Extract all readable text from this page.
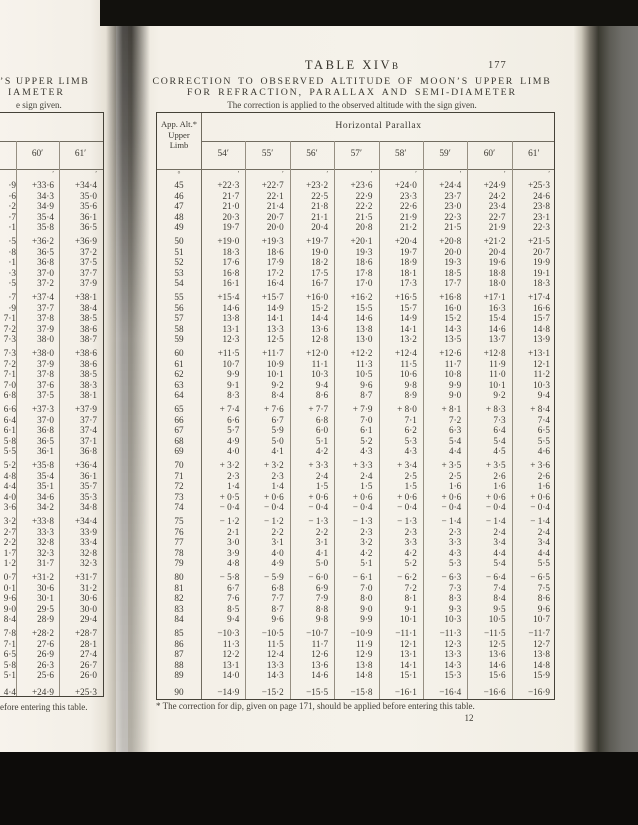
’S UPPER LIMB
IAMETER
e sign given.
60′	61′
′	′
·9	+33·6	+34·4
·6	34·3	35·0
·2	34·9	35·6
·7	35·4	36·1
·1	35·8	36·5
·5	+36·2	+36·9
·8	36·5	37·2
·1	36·8	37·5
·3	37·0	37·7
·5	37·2	37·9
·7	+37·4	+38·1
·9	37·7	38·4
7·1	37·8	38·5
7·2	37·9	38·6
7·3	38·0	38·7
7·3	+38·0	+38·6
7·2	37·9	38·6
7·1	37·8	38·5
7·0	37·6	38·3
6·8	37·5	38·1
6·6	+37·3	+37·9
6·4	37·0	37·7
6·1	36·8	37·4
5·8	36·5	37·1
5·5	36·1	36·8
5·2	+35·8	+36·4
4·8	35·4	36·1
4·4	35·1	35·7
4·0	34·6	35·3
3·6	34·2	34·8
3·2	+33·8	+34·4
2·7	33·3	33·9
2·2	32·8	33·4
1·7	32·3	32·8
1·2	31·7	32·3
0·7	+31·2	+31·7
0·1	30·6	31·2
9·6	30·1	30·6
9·0	29·5	30·0
8·4	28·9	29·4
7·8	+28·2	+28·7
7·1	27·6	28·1
6·5	26·9	27·4
5·8	26·3	26·7
5·1	25·6	26·0
4·4	+24·9	+25·3
efore entering this table.
177
TABLE XIVB
CORRECTION TO OBSERVED ALTITUDE OF MOON’S UPPER LIMB
FOR REFRACTION, PARALLAX AND SEMI-DIAMETER
The correction is applied to the observed altitude with the sign given.
App. Alt.*
Upper
Limb
Horizontal Parallax
54′	55′	56′	57′	58′	59′	60′	61′
°	′	′	′	′	′	′	′	′
45	+22·3	+22·7	+23·2	+23·6	+24·0	+24·4	+24·9	+25·3
46	21·7	22·1	22·5	22·9	23·3	23·7	24·2	24·6
47	21·0	21·4	21·8	22·2	22·6	23·0	23·4	23·8
48	20·3	20·7	21·1	21·5	21·9	22·3	22·7	23·1
49	19·7	20·0	20·4	20·8	21·2	21·5	21·9	22·3
50	+19·0	+19·3	+19·7	+20·1	+20·4	+20·8	+21·2	+21·5
51	18·3	18·6	19·0	19·3	19·7	20·0	20·4	20·7
52	17·6	17·9	18·2	18·6	18·9	19·3	19·6	19·9
53	16·8	17·2	17·5	17·8	18·1	18·5	18·8	19·1
54	16·1	16·4	16·7	17·0	17·3	17·7	18·0	18·3
55	+15·4	+15·7	+16·0	+16·2	+16·5	+16·8	+17·1	+17·4
56	14·6	14·9	15·2	15·5	15·7	16·0	16·3	16·6
57	13·8	14·1	14·4	14·6	14·9	15·2	15·4	15·7
58	13·1	13·3	13·6	13·8	14·1	14·3	14·6	14·8
59	12·3	12·5	12·8	13·0	13·2	13·5	13·7	13·9
60	+11·5	+11·7	+12·0	+12·2	+12·4	+12·6	+12·8	+13·1
61	10·7	10·9	11·1	11·3	11·5	11·7	11·9	12·1
62	9·9	10·1	10·3	10·5	10·6	10·8	11·0	11·2
63	9·1	9·2	9·4	9·6	9·8	9·9	10·1	10·3
64	8·3	8·4	8·6	8·7	8·9	9·0	9·2	9·4
65	+ 7·4	+ 7·6	+ 7·7	+ 7·9	+ 8·0	+ 8·1	+ 8·3	+ 8·4
66	6·6	6·7	6·8	7·0	7·1	7·2	7·3	7·4
67	5·7	5·9	6·0	6·1	6·2	6·3	6·4	6·5
68	4·9	5·0	5·1	5·2	5·3	5·4	5·4	5·5
69	4·0	4·1	4·2	4·3	4·3	4·4	4·5	4·6
70	+ 3·2	+ 3·2	+ 3·3	+ 3·3	+ 3·4	+ 3·5	+ 3·5	+ 3·6
71	2·3	2·3	2·4	2·4	2·5	2·5	2·6	2·6
72	1·4	1·4	1·5	1·5	1·5	1·6	1·6	1·6
73	+ 0·5	+ 0·6	+ 0·6	+ 0·6	+ 0·6	+ 0·6	+ 0·6	+ 0·6
74	− 0·4	− 0·4	− 0·4	− 0·4	− 0·4	− 0·4	− 0·4	− 0·4
75	− 1·2	− 1·2	− 1·3	− 1·3	− 1·3	− 1·4	− 1·4	− 1·4
76	2·1	2·2	2·2	2·3	2·3	2·3	2·4	2·4
77	3·0	3·1	3·1	3·2	3·3	3·3	3·4	3·4
78	3·9	4·0	4·1	4·2	4·2	4·3	4·4	4·4
79	4·8	4·9	5·0	5·1	5·2	5·3	5·4	5·5
80	− 5·8	− 5·9	− 6·0	− 6·1	− 6·2	− 6·3	− 6·4	− 6·5
81	6·7	6·8	6·9	7·0	7·2	7·3	7·4	7·5
82	7·6	7·7	7·9	8·0	8·1	8·3	8·4	8·6
83	8·5	8·7	8·8	9·0	9·1	9·3	9·5	9·6
84	9·4	9·6	9·8	9·9	10·1	10·3	10·5	10·7
85	−10·3	−10·5	−10·7	−10·9	−11·1	−11·3	−11·5	−11·7
86	11·3	11·5	11·7	11·9	12·1	12·3	12·5	12·7
87	12·2	12·4	12·6	12·9	13·1	13·3	13·6	13·8
88	13·1	13·3	13·6	13·8	14·1	14·3	14·6	14·8
89	14·0	14·3	14·6	14·8	15·1	15·3	15·6	15·9
90	−14·9	−15·2	−15·5	−15·8	−16·1	−16·4	−16·6	−16·9
* The correction for dip, given on page 171, should be applied before entering this table.
12
